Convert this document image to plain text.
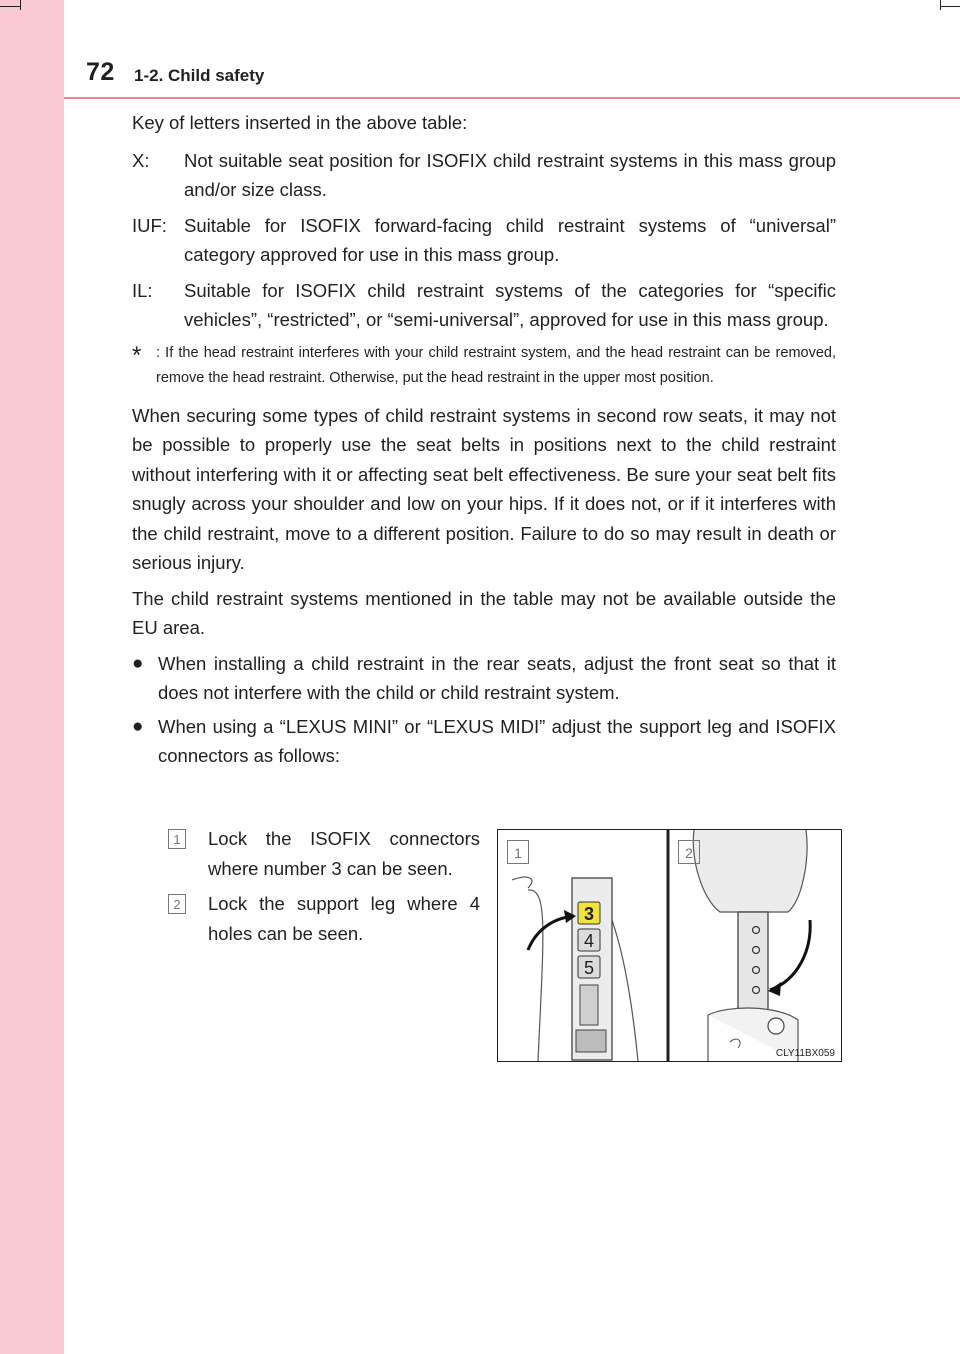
72 1-2. Child safety

Key of letters inserted in the above table:

X:	Not suitable seat position for ISOFIX child restraint systems in this mass group and/or size class.
IUF: Suitable for ISOFIX forward-facing child restraint systems of “universal” category approved for use in this mass group.
IL:	Suitable for ISOFIX child restraint systems of the categories for “specific vehicles”, “restricted”, or “semi-universal”, approved for use in this mass group.
*	: If the head restraint interferes with your child restraint system, and the head restraint can be removed, remove the head restraint. Otherwise, put the head restraint in the upper most position.

When securing some types of child restraint systems in second row seats, it may not be possible to properly use the seat belts in positions next to the child restraint without interfering with it or affecting seat belt effectiveness. Be sure your seat belt fits snugly across your shoulder and low on your hips. If it does not, or if it interferes with the child restraint, move to a different position. Failure to do so may result in death or serious injury.

The child restraint systems mentioned in the table may not be available outside the EU area.

● When installing a child restraint in the rear seats, adjust the front seat so that it does not interfere with the child or child restraint system.
● When using a “LEXUS MINI” or “LEXUS MIDI” adjust the support leg and ISOFIX connectors as follows:
1 Lock the ISOFIX connectors where number 3 can be seen.
2 Lock the support leg where 4 holes can be seen.
3
4
5
1	2
CLY11BX059
